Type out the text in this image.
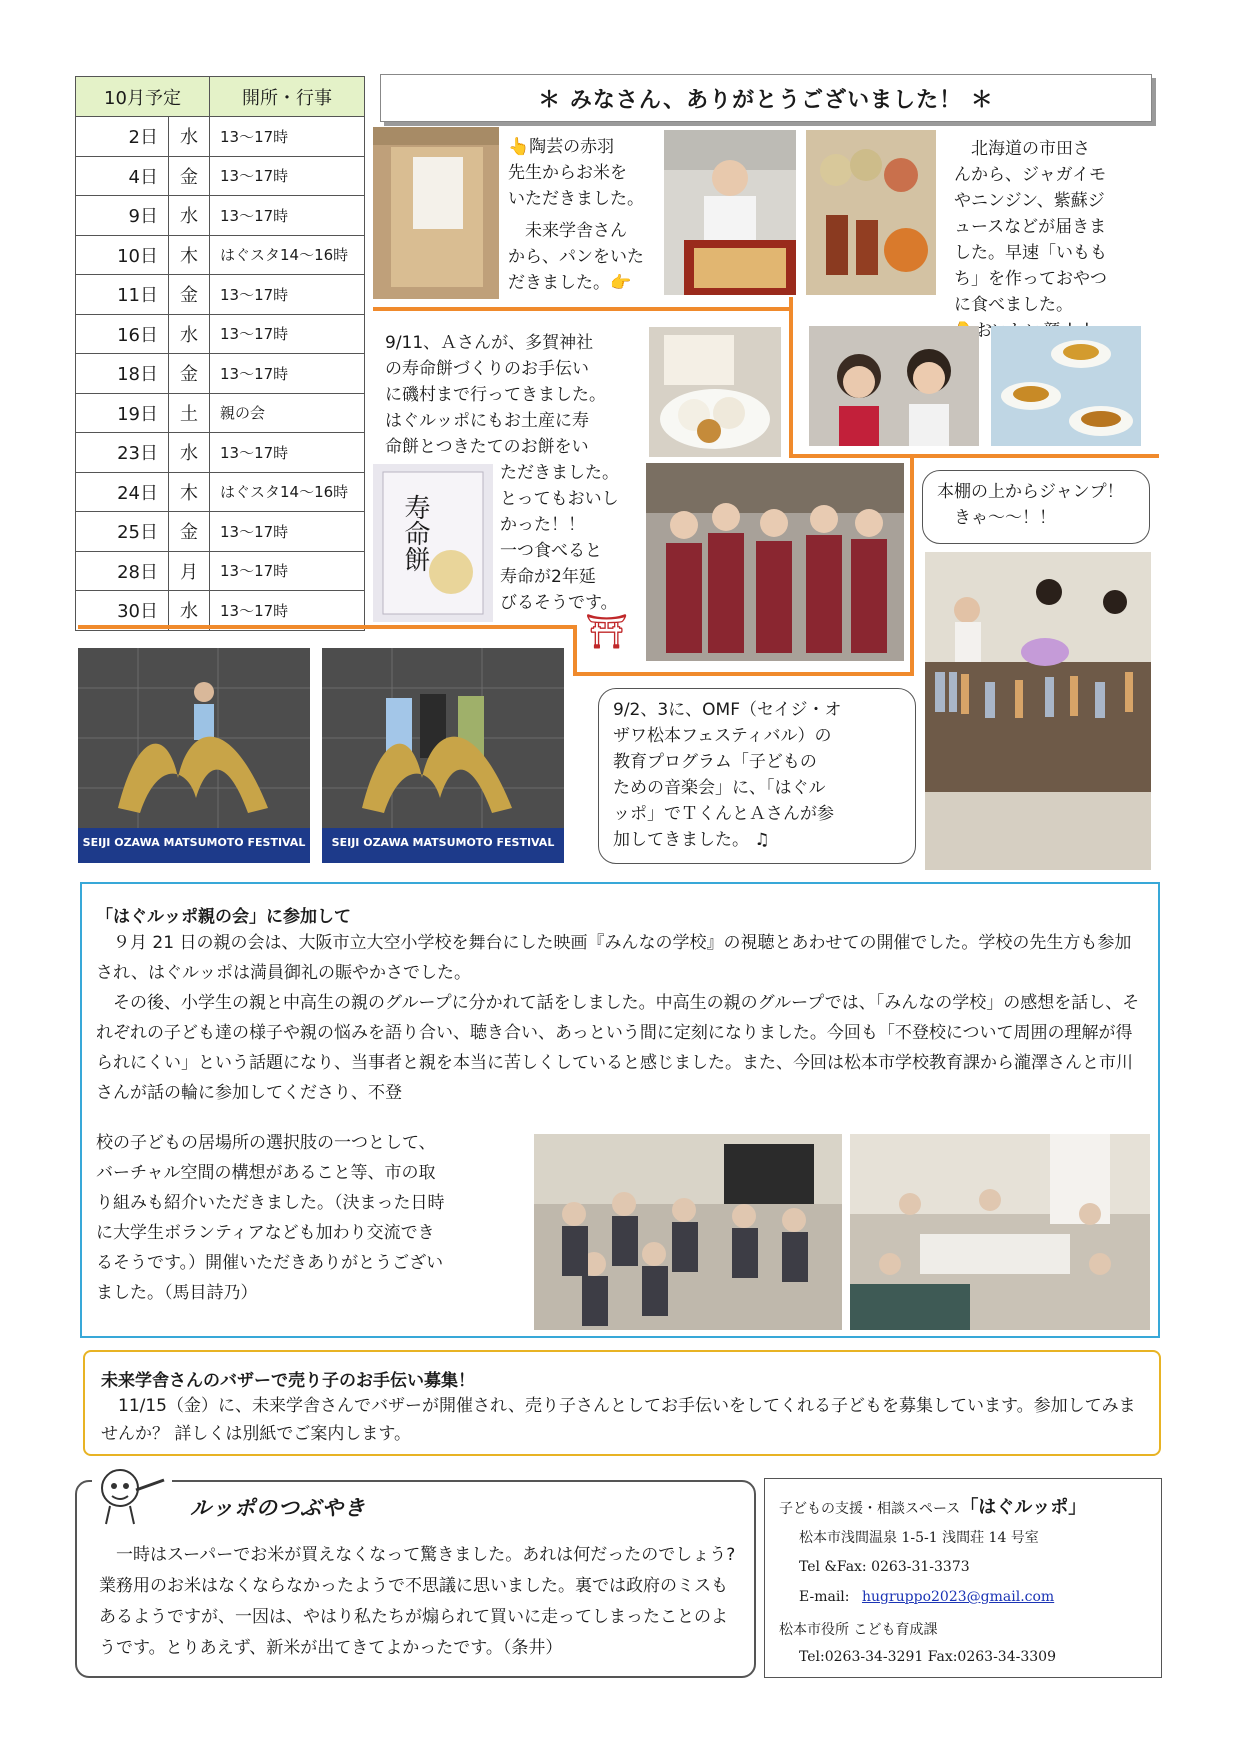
10月予定		開所・行事
2日	水	13〜17時
4日	金	13〜17時
9日	水	13〜17時
10日	木	はぐスタ14〜16時
11日	金	13〜17時
16日	水	13〜17時
18日	金	13〜17時
19日	土	親の会
23日	水	13〜17時
24日	木	はぐスタ14〜16時
25日	金	13〜17時
28日	月	13〜17時
30日	水	13〜17時
＊ みなさん、ありがとうございました！ ＊
👆陶芸の赤羽
先生からお米を
いただきました。
　未来学舎さん
から、パンをいた
だきました。👉
　北海道の市田さ
んから、ジャガイモ
やニンジン、紫蘇ジ
ュースなどが届きま
した。早速「いもも
ち」を作っておやつ
に食べました。

9/11、Ａさんが、多賀神社
の寿命餅づくりのお手伝い
に磯村まで行ってきました。
はぐルッポにもお土産に寿
命餅とつきたてのお餅をい
ただきました。
とってもおいし
かった！！
一つ食べると
寿命が2年延
びるそうです。
寿命餅
⛩
本棚の上からジャンプ！
　きゃ〜〜！！
SEIJI OZAWA MATSUMOTO FESTIVAL	SEIJI OZAWA MATSUMOTO FESTIVAL
9/2、3に、OMF（セイジ・オ
ザワ松本フェスティバル）の
教育プログラム「子どもの
ための音楽会」に、「はぐル
ッポ」でＴくんとＡさんが参
加してきました。 ♫
「はぐルッポ親の会」に参加して
　９月 21 日の親の会は、大阪市立大空小学校を舞台にした映画『みんなの学校』の視聴とあわせての開催でした。学校の先生方も参加され、はぐルッポは満員御礼の賑やかさでした。
　その後、小学生の親と中高生の親のグループに分かれて話をしました。中高生の親のグループでは、「みんなの学校」の感想を話し、それぞれの子ども達の様子や親の悩みを語り合い、聴き合い、あっという間に定刻になりました。今回も「不登校について周囲の理解が得られにくい」という話題になり、当事者と親を本当に苦しくしていると感じました。また、今回は松本市学校教育課から瀧澤さんと市川さんが話の輪に参加してくださり、不登
校の子どもの居場所の選択肢の一つとして、
バーチャル空間の構想があること等、市の取
り組みも紹介いただきました。（決まった日時
に大学生ボランティアなども加わり交流でき
るそうです。）開催いただきありがとうござい
ました。（馬目詩乃）
未来学舎さんのバザーで売り子のお手伝い募集！
　11/15（金）に、未来学舎さんでバザーが開催され、売り子さんとしてお手伝いをしてくれる子どもを募集しています。参加してみませんか？ 詳しくは別紙でご案内します。
　一時はスーパーでお米が買えなくなって驚きました。あれは何だったのでしょう?業務用のお米はなくならなかったようで不思議に思いました。裏では政府のミスもあるようですが、一因は、やはり私たちが煽られて買いに走ってしまったことのようです。とりあえず、新米が出てきてよかったです。（条井）
ルッポのつぶやき	子どもの支援・相談スペース「はぐルッポ」
松本市浅間温泉 1-5-1 浅間荘 14 号室
Tel &Fax: 0263-31-3373
E-mail: hugruppo2023@gmail.com
松本市役所 こども育成課
Tel:0263-34-3291 Fax:0263-34-3309
